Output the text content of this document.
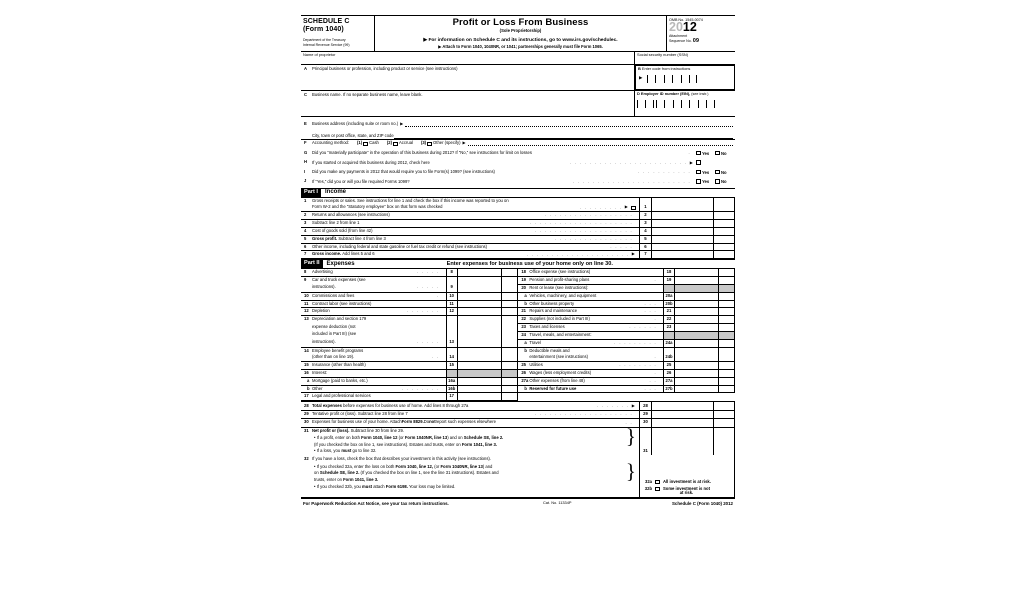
SCHEDULE C
(Form 1040)
Department of the Treasury
Internal Revenue Service (99)
Profit or Loss From Business
(Sole Proprietorship)
▶ For information on Schedule C and its instructions, go to www.irs.gov/schedulec.
▶ Attach to Form 1040, 1040NR, or 1041; partnerships generally must file Form 1065.
OMB No. 1545-0074
2012
Attachment
Sequence No. 09
Name of proprietor	Social security number (SSN)
A	Principal business or profession, including product or service (see instructions)	B Enter code from instructions
▶
C	Business name. If no separate business name, leave blank.	D Employer ID number (EIN), (see instr.)
E	Business address (including suite or room no.) ▶
City, town or post office, state, and ZIP code
F	Accounting method: (1) Cash (2) Accrual (3) Other (specify) ▶
G	Did you “materially participate” in the operation of this business during 2012? If “No,” see instructions for limit on losses	.	Yes	No
H	If you started or acquired this business during 2012, check here	. . . . . . . . . . . . . . . . . . . . . . . . ▶
I	Did you make any payments in 2012 that would require you to file Form(s) 1099? (see instructions)	. . . . . . . . . . .	Yes	No
J	If “Yes,” did you or will you file required Forms 1099?	. . . . . . . . . . . . . . . . . . . . . . . .	Yes	No
Part I	Income
1 Gross receipts or sales. See instructions for line 1 and check the box if this income was reported to you on			

Form W-2 and the “Statutory employee” box on that form was checked . . . . . . . . . ▶	1		

2 Returns and allowances (see instructions) . . . . . . . . . . . . . . . . . .	2		

3 Subtract line 2 from line 1 . . . . . . . . . . . . . . . . . . . . .	3		

4 Cost of goods sold (from line 42) . . . . . . . . . . . . . . . . . . . .	4		

5 Gross profit.
Subtract line 4 from line 3 . . . . . . . . . . . . . . . .	5		

6 Other income, including federal and state gasoline or fuel tax credit or refund (see instructions) . . . . .	6		

7 Gross income.
Add lines 5 and 6 . . . . . . . . . . . . . . . . . . . . . ▶	7		
Part II	Expenses	Enter expenses for business use of your home only on line 30.
8 Advertising . . . . .	8				18 Office expense (see instructions)	18		

9 Car and truck expenses (see					19 Pension and profit-sharing plans .	19		

instructions). . . . . .	9			20 Rent or lease (see instructions):			

10 Commissions and fees .	10				a Vehicles, machinery, and equipment	20a		

11 Contract labor (see instructions)	11				b Other business property . . .	20b		

12 Depletion . . . . . . .	12				21 Repairs and maintenance . . .	21		

13 Depreciation and section 179					22 Supplies (not included in Part III) .	22		

expense deduction (not				23 Taxes and licenses . . . . . .	23		

included in Part III) (see				24 Travel, meals, and entertainment:			

instructions). . . . . .	13			a Travel . . . . . . . . .	24a		

14 Employee benefit programs					b Deductible meals and			

(other than on line 19). . .	14			entertainment (see instructions) .	24b		

15 Insurance (other than health)	15				25 Utilities . . . . . . . .	25		

16 Interest:					26 Wages (less employment credits) .	26		

a Mortgage (paid to banks, etc.)	16a				27a Other expenses (from line 48) . .	27a		

b Other . . . . . . . .	16b				b Reserved for future use . . .	27b		

17 Legal and professional services	17							
28 Total expenses
before expenses for business use of home. Add lines 8 through 27a . . . . . . . ▶	28		

29 Tentative profit or (loss). Subtract line 28 from line 7 . . . . . . . . . . . . . . . . . . . .	29		

30 Expenses for business use of your home. Attach Form 8829. Do not report such expenses elsewhere	. .	30		

31 Net profit or (loss).
Subtract line 30 from line 29.
• If a profit, enter on both Form 1040, line 12 (or Form 1040NR, line 13) and on Schedule SE, line 2.
(If you checked the box on line 1, see instructions). Estates and trusts, enter on Form 1041, line 3.
• If a loss, you must go to line 32.
}
	31		

32 If you have a loss, check the box that describes your investment in this activity (see instructions).
• If you checked 32a, enter the loss on both Form 1040, line 12, (or Form 1040NR, line 13) and
on Schedule SE, line 2. (If you checked the box on line 1, see the line 31 instructions). Estates and
trusts, enter on Form 1041, line 3.
• If you checked 32b, you must attach Form 6198. Your loss may be limited.
}	32a	All investment is at risk.
32b	Some investment is not
at risk.
For Paperwork Reduction Act Notice, see your tax return instructions.	Cat. No. 11334P	Schedule C (Form 1040) 2012
